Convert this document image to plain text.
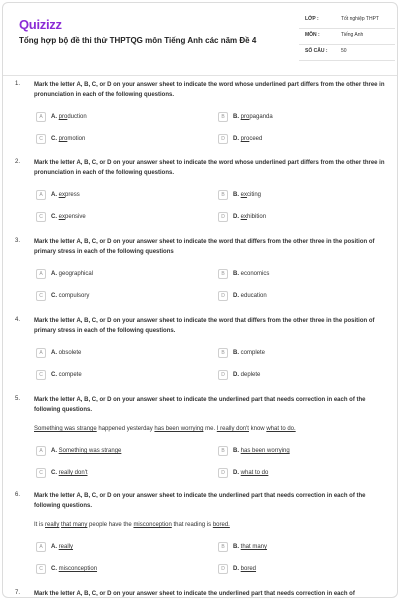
Quizizz
Tổng hợp bộ đề thi thử THPTQG môn Tiếng Anh các năm Đề 4
LỚP :	Tốt nghiệp THPT
MÔN :	Tiếng Anh
SỐ CÂU :	50
1. Mark the letter A, B, C, or D on your answer sheet to indicate the word whose underlined part differs from the other three in pronunciation in each of the following questions.
A	A. production	B	B. propaganda
C	C. promotion	D	D. proceed
2. Mark the letter A, B, C, or D on your answer sheet to indicate the word whose underlined part differs from the other three in pronunciation in each of the following questions.
A	A. express	B	B. exciting
C	C. expensive	D	D. exhibition
3. Mark the letter A, B, C, or D on your answer sheet to indicate the word that differs from the other three in the position of primary stress in each of the following questions
A	A. geographical	B	B. economics
C	C. compulsory	D	D. education
4. Mark the letter A, B, C, or D on your answer sheet to indicate the word that differs from the other three in the position of primary stress in each of the following questions.
A	A. obsolete	B	B. complete
C	C. compete	D	D. deplete
5. Mark the letter A, B, C, or D on your answer sheet to indicate the underlined part that needs correction in each of the following questions.
Something was strange happened yesterday has been worrying me. I really don't know what to do.
A	A. Something was strange	B	B. has been worrying
C	C. really don't	D	D. what to do
6. Mark the letter A, B, C, or D on your answer sheet to indicate the underlined part that needs correction in each of the following questions.
It is really that many people have the misconception that reading is bored.
A	A. really	B	B. that many
C	C. misconception	D	D. bored
7. Mark the letter A, B, C, or D on your answer sheet to indicate the underlined part that needs correction in each of
